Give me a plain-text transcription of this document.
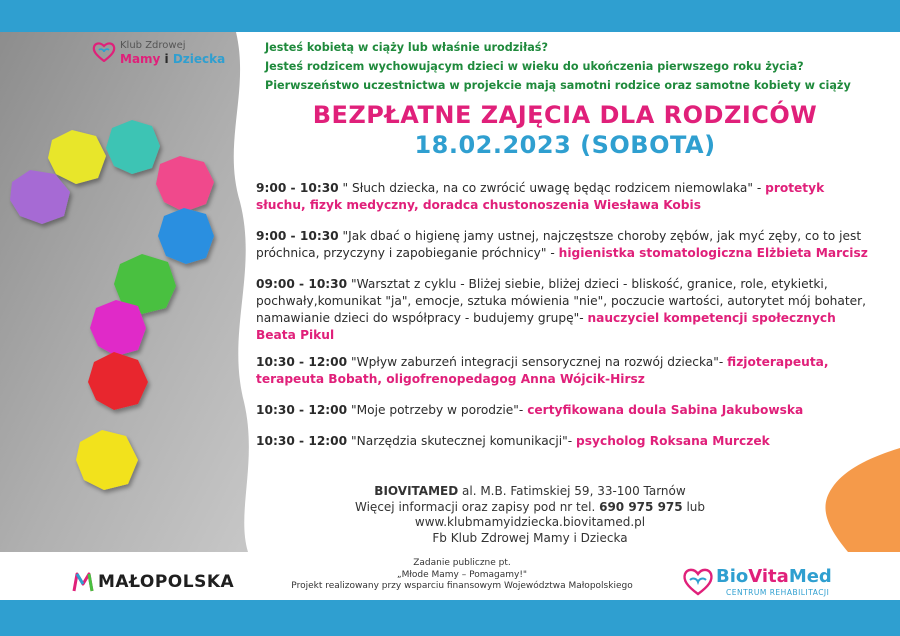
Klub Zdrowej
Mamy i Dziecka

Jesteś kobietą w ciąży lub właśnie urodziłaś?

Jesteś rodzicem wychowującym dzieci w wieku do ukończenia pierwszego roku życia?

Pierwszeństwo uczestnictwa w projekcie mają samotni rodzice oraz samotne kobiety w ciąży

BEZPŁATNE ZAJĘCIA DLA RODZICÓW
18.02.2023 (SOBOTA)

9:00 - 10:30 " Słuch dziecka, na co zwrócić uwagę będąc rodzicem niemowlaka" - protetyk słuchu, fizyk medyczny, doradca chustonoszenia Wiesława Kobis

9:00 - 10:30 "Jak dbać o higienę jamy ustnej, najczęstsze choroby zębów, jak myć zęby, co to jest próchnica, przyczyny i zapobieganie próchnicy" - higienistka stomatologiczna Elżbieta Marcisz

09:00 - 10:30 "Warsztat z cyklu - Bliżej siebie, bliżej dzieci - bliskość, granice, role, etykietki, pochwały,komunikat "ja", emocje, sztuka mówienia "nie", poczucie wartości, autorytet mój bohater, namawianie dzieci do współpracy - budujemy grupę"- nauczyciel kompetencji społecznych Beata Pikul

10:30 - 12:00 "Wpływ zaburzeń integracji sensorycznej na rozwój dziecka"- fizjoterapeuta, terapeuta Bobath, oligofrenopedagog Anna Wójcik-Hirsz

10:30 - 12:00 "Moje potrzeby w porodzie"- certyfikowana doula Sabina Jakubowska

10:30 - 12:00 "Narzędzia skutecznej komunikacji"- psycholog Roksana Murczek

BIOVITAMED al. M.B. Fatimskiej 59, 33-100 Tarnów
Więcej informacji oraz zapisy pod nr tel. 690 975 975 lub
www.klubmamyidziecka.biovitamed.pl
Fb Klub Zdrowej Mamy i Dziecka
MAŁOPOLSKA
Zadanie publiczne pt.
„Młode Mamy – Pomagamy!"
Projekt realizowany przy wsparciu finansowym Województwa Małopolskiego	BioVitaMed
CENTRUM REHABILITACJI
